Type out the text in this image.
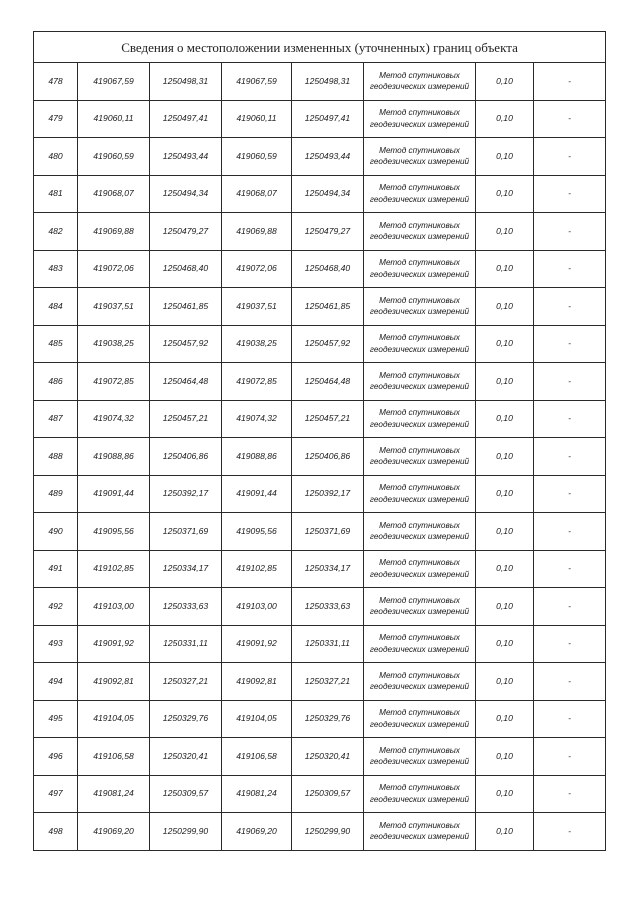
Сведения о местоположении измененных (уточненных) границ объекта							
478	419067,59	1250498,31	419067,59	1250498,31	Метод спутниковых геодезических измерений	0,10	-
479	419060,11	1250497,41	419060,11	1250497,41	Метод спутниковых геодезических измерений	0,10	-
480	419060,59	1250493,44	419060,59	1250493,44	Метод спутниковых геодезических измерений	0,10	-
481	419068,07	1250494,34	419068,07	1250494,34	Метод спутниковых геодезических измерений	0,10	-
482	419069,88	1250479,27	419069,88	1250479,27	Метод спутниковых геодезических измерений	0,10	-
483	419072,06	1250468,40	419072,06	1250468,40	Метод спутниковых геодезических измерений	0,10	-
484	419037,51	1250461,85	419037,51	1250461,85	Метод спутниковых геодезических измерений	0,10	-
485	419038,25	1250457,92	419038,25	1250457,92	Метод спутниковых геодезических измерений	0,10	-
486	419072,85	1250464,48	419072,85	1250464,48	Метод спутниковых геодезических измерений	0,10	-
487	419074,32	1250457,21	419074,32	1250457,21	Метод спутниковых геодезических измерений	0,10	-
488	419088,86	1250406,86	419088,86	1250406,86	Метод спутниковых геодезических измерений	0,10	-
489	419091,44	1250392,17	419091,44	1250392,17	Метод спутниковых геодезических измерений	0,10	-
490	419095,56	1250371,69	419095,56	1250371,69	Метод спутниковых геодезических измерений	0,10	-
491	419102,85	1250334,17	419102,85	1250334,17	Метод спутниковых геодезических измерений	0,10	-
492	419103,00	1250333,63	419103,00	1250333,63	Метод спутниковых геодезических измерений	0,10	-
493	419091,92	1250331,11	419091,92	1250331,11	Метод спутниковых геодезических измерений	0,10	-
494	419092,81	1250327,21	419092,81	1250327,21	Метод спутниковых геодезических измерений	0,10	-
495	419104,05	1250329,76	419104,05	1250329,76	Метод спутниковых геодезических измерений	0,10	-
496	419106,58	1250320,41	419106,58	1250320,41	Метод спутниковых геодезических измерений	0,10	-
497	419081,24	1250309,57	419081,24	1250309,57	Метод спутниковых геодезических измерений	0,10	-
498	419069,20	1250299,90	419069,20	1250299,90	Метод спутниковых геодезических измерений	0,10	-
